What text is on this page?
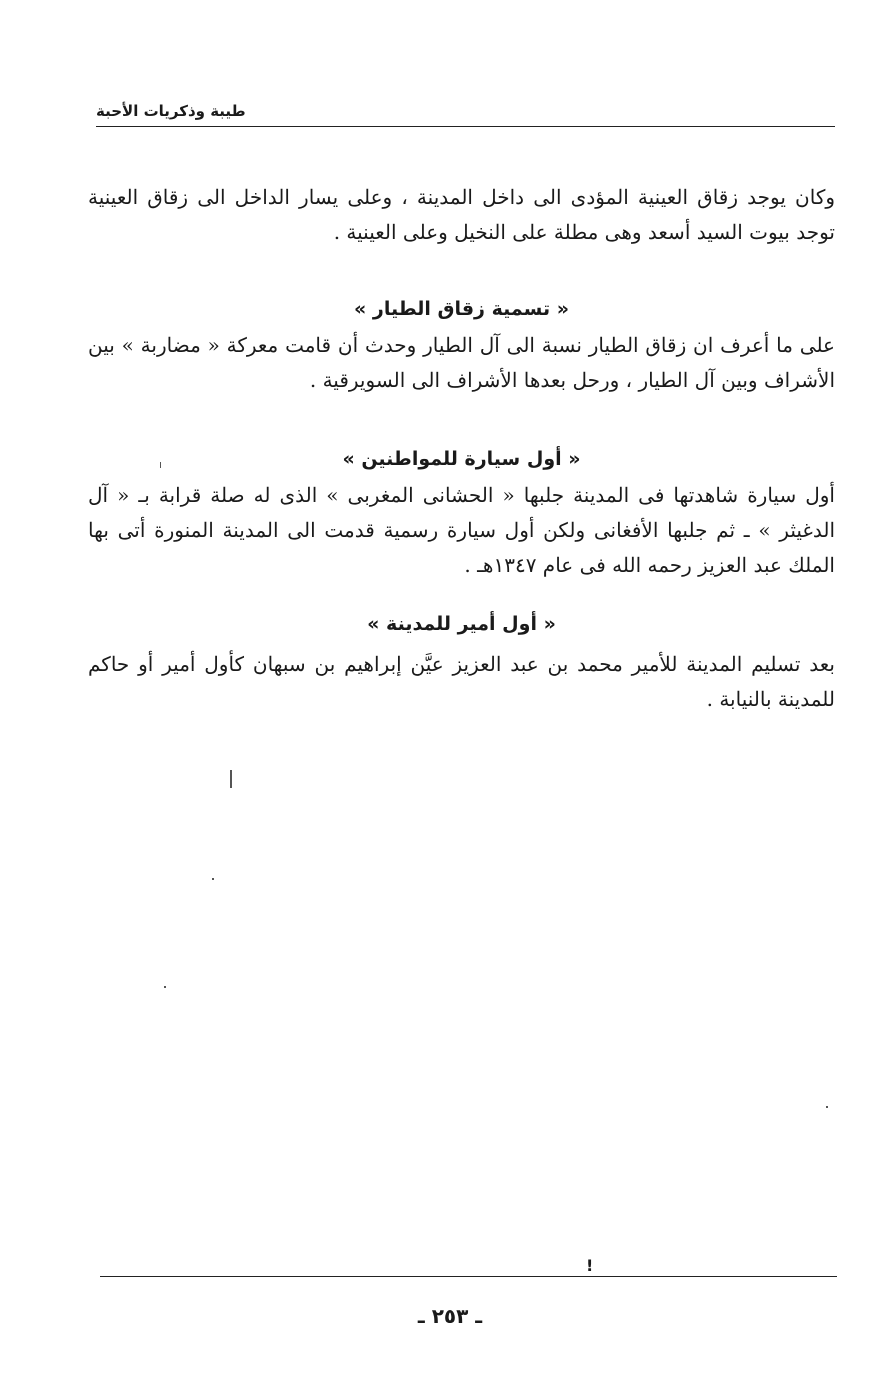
طيبة وذكريات الأحبة

وكان يوجد زقاق العينية المؤدى الى داخل المدينة ، وعلى يسار الداخل الى زقاق العينية توجد بيوت السيد أسعد وهى مطلة على النخيل وعلى العينية .

« تسمية زقاق الطيار »

على ما أعرف ان زقاق الطيار نسبة الى آل الطيار وحدث أن قامت معركة « مضاربة » بين الأشراف وبين آل الطيار ، ورحل بعدها الأشراف الى السويرقية .

« أول سيارة للمواطنين »

أول سيارة شاهدتها فى المدينة جلبها « الحشانى المغربى » الذى له صلة قرابة بـ « آل الدغيثر » ـ ثم جلبها الأفغانى ولكن أول سيارة رسمية قدمت الى المدينة المنورة أتى بها الملك عبد العزيز رحمه الله فى عام ١٣٤٧هـ .

« أول أمير للمدينة »

بعد تسليم المدينة للأمير محمد بن عبد العزيز عيَّن إبراهيم بن سبهان كأول أمير أو حاكم للمدينة بالنيابة .

!
ـ ٢٥٣ ـ
